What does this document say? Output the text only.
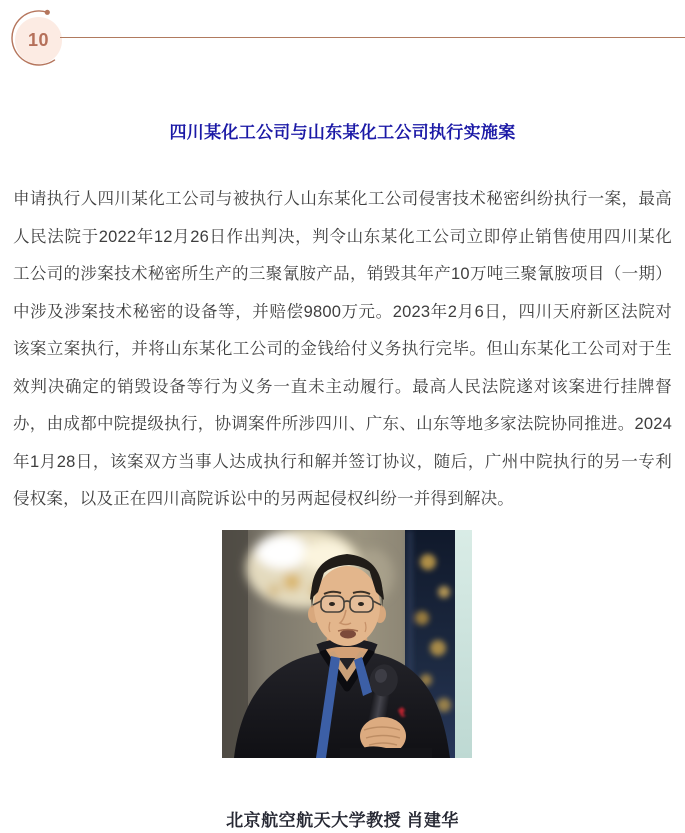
10
四川某化工公司与山东某化工公司执行实施案

申请执行人四川某化工公司与被执行人山东某化工公司侵害技术秘密纠纷执行一案，最高人民法院于2022年12月26日作出判决，判令山东某化工公司立即停止销售使用四川某化工公司的涉案技术秘密所生产的三聚氰胺产品，销毁其年产10万吨三聚氰胺项目（一期）中涉及涉案技术秘密的设备等，并赔偿9800万元。2023年2月6日，四川天府新区法院对该案立案执行，并将山东某化工公司的金钱给付义务执行完毕。但山东某化工公司对于生效判决确定的销毁设备等行为义务一直未主动履行。最高人民法院遂对该案进行挂牌督办，由成都中院提级执行，协调案件所涉四川、广东、山东等地多家法院协同推进。2024年1月28日，该案双方当事人达成执行和解并签订协议，随后，广州中院执行的另一专利侵权案，以及正在四川高院诉讼中的另两起侵权纠纷一并得到解决。

北京航空航天大学教授 肖建华
